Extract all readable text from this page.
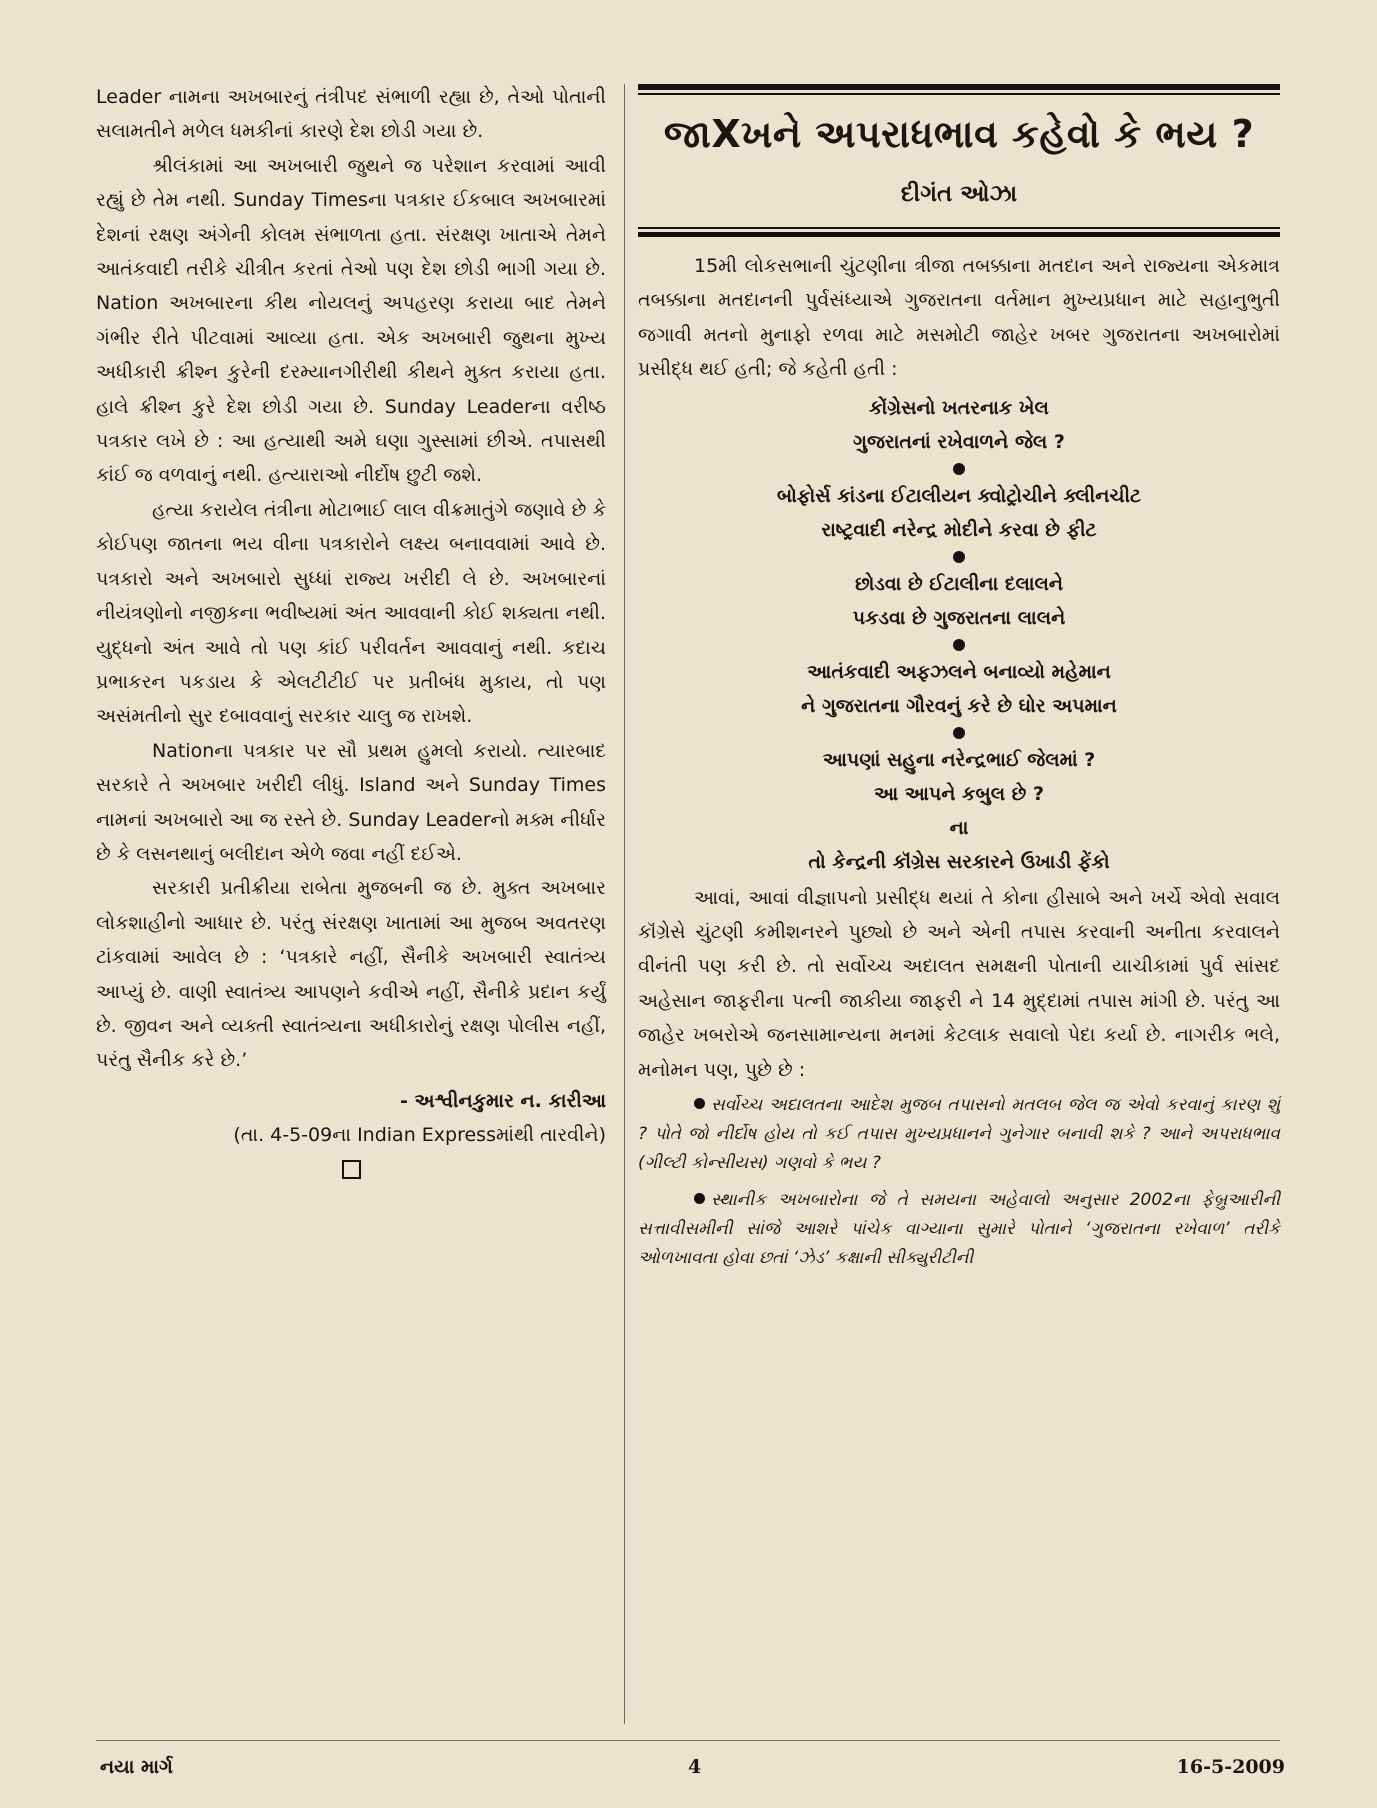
Leader નામના અખબારનું તંત્રીપદ સંભાળી રહ્યા છે, તેઓ પોતાની સલામતીને મળેલ ધમકીનાં કારણે દેશ છોડી ગયા છે.

શ્રીલંકામાં આ અખબારી જુથને જ પરેશાન કરવામાં આવી રહ્યું છે તેમ નથી. Sunday Timesના પત્રકાર ઈકબાલ અખબારમાં દેશનાં રક્ષણ અંગેની કોલમ સંભાળતા હતા. સંરક્ષણ ખાતાએ તેમને આતંકવાદી તરીકે ચીત્રીત કરતાં તેઓ પણ દેશ છોડી ભાગી ગયા છે. Nation અખબારના કીથ નોયલનું અપહરણ કરાયા બાદ તેમને ગંભીર રીતે પીટવામાં આવ્યા હતા. એક અખબારી જુથના મુખ્ય અધીકારી ક્રીશ્ન કુરેની દરમ્યાનગીરીથી કીથને મુક્ત કરાયા હતા. હાલે ક્રીશ્ન કુરે દેશ છોડી ગયા છે. Sunday Leaderના વરીષ્ઠ પત્રકાર લખે છે : આ હત્યાથી અમે ઘણા ગુસ્સામાં છીએ. તપાસથી કાંઈ જ વળવાનું નથી. હત્યારાઓ નીર્દોષ છુટી જશે.

હત્યા કરાયેલ તંત્રીના મોટાભાઈ લાલ વીક્રમાતુંગે જણાવે છે કે કોઈપણ જાતના ભય વીના પત્રકારોને લક્ષ્ય બનાવવામાં આવે છે. પત્રકારો અને અખબારો સુધ્ધાં રાજ્ય ખરીદી લે છે. અખબારનાં નીયંત્રણોનો નજીકના ભવીષ્યમાં અંત આવવાની કોઈ શક્યતા નથી. યુદ્ધનો અંત આવે તો પણ કાંઈ પરીવર્તન આવવાનું નથી. કદાચ પ્રભાકરન પકડાય કે એલટીટીઈ પર પ્રતીબંધ મુકાય, તો પણ અસંમતીનો સુર દબાવવાનું સરકાર ચાલુ જ રાખશે.

Nationના પત્રકાર પર સૌ પ્રથમ હુમલો કરાયો. ત્યારબાદ સરકારે તે અખબાર ખરીદી લીધું. Island અને Sunday Times નામનાં અખબારો આ જ રસ્તે છે. Sunday Leaderનો મક્મ નીર્ધાર છે કે લસનથાનું બલીદાન એળે જવા નહીં દઈએ.

સરકારી પ્રતીક્રીયા રાબેતા મુજબની જ છે. મુક્ત અખબાર લોકશાહીનો આધાર છે. પરંતુ સંરક્ષણ ખાતામાં આ મુજબ અવતરણ ટાંકવામાં આવેલ છે : ‘પત્રકારે નહીં, સૈનીકે અખબારી સ્વાતંત્ર્ય આપ્યું છે. વાણી સ્વાતંત્ર્ય આપણને કવીએ નહીં, સૈનીકે પ્રદાન કર્યું છે. જીવન અને વ્યક્તી સ્વાતંત્ર્યના અધીકારોનું રક્ષણ પોલીસ નહીં, પરંતુ સૈનીક કરે છે.’

- અશ્વીનકુમાર ન. કારીઆ

(તા. 4-5-09ના Indian Expressમાંથી તારવીને)

જાXખને અપરાધભાવ કહેવો કે ભય ?
દીગંત ઓઝા

15મી લોકસભાની ચુંટણીના ત્રીજા તબક્કાના મતદાન અને રાજ્યના એકમાત્ર તબક્કાના મતદાનની પુર્વસંધ્યાએ ગુજરાતના વર્તમાન મુખ્યપ્રધાન માટે સહાનુભુતી જગાવી મતનો મુનાફો રળવા માટે મસમોટી જાહેર ખબર ગુજરાતના અખબારોમાં પ્રસીદ્ધ થઈ હતી; જે કહેતી હતી :

કોંગ્રેસનો ખતરનાક ખેલ
ગુજરાતનાં રખેવાળને જેલ ?
બોફોર્સ કાંડના ઈટાલીયન ક્વોટ્રોચીને ક્લીનચીટ
રાષ્ટ્રવાદી નરેન્દ્ર મોદીને કરવા છે ફીટ
છોડવા છે ઈટાલીના દલાલને
પકડવા છે ગુજરાતના લાલને
આતંકવાદી અફઝલને બનાવ્યો મહેમાન
ને ગુજરાતના ગૌરવનું કરે છે ઘોર અપમાન
આપણાં સહુના નરેન્દ્રભાઈ જેલમાં ?
આ આપને કબુલ છે ?
ના
તો કેન્દ્રની કૉંગ્રેસ સરકારને ઉખાડી ફેંકો

આવાં, આવાં વીજ્ઞાપનો પ્રસીદ્ધ થયાં તે કોના હીસાબે અને ખર્ચે એવો સવાલ કૉંગ્રેસે ચુંટણી કમીશનરને પુછ્યો છે અને એની તપાસ કરવાની અનીતા કરવાલને વીનંતી પણ કરી છે. તો સર્વોચ્ચ અદાલત સમક્ષની પોતાની યાચીકામાં પુર્વ સાંસદ અહેસાન જાફરીના પત્ની જાકીયા જાફરી ને 14 મુદ્દામાં તપાસ માંગી છે. પરંતુ આ જાહેર ખબરોએ જનસામાન્યના મનમાં કેટલાક સવાલો પેદા કર્યા છે. નાગરીક ભલે, મનોમન પણ, પુછે છે :

સર્વોચ્ચ અદાલતના આદેશ મુજબ તપાસનો મતલબ જેલ જ એવો કરવાનું કારણ શું ? પોતે જો નીર્દોષ હોય તો કઈ તપાસ મુખ્યપ્રધાનને ગુનેગાર બનાવી શકે ? આને અપરાધભાવ (ગીલ્ટી કોન્સીયસ) ગણવો કે ભય ?

સ્થાનીક અખબારોના જે તે સમયના અહેવાલો અનુસાર 2002ના ફેબ્રુઆરીની સત્તાવીસમીની સાંજે આશરે પાંચેક વાગ્યાના સુમારે પોતાને ‘ગુજરાતના રખેવાળ’ તરીકે ઓળખાવતા હોવા છતાં ‘ઝેડ’ કક્ષાની સીક્યુરીટીની

નયા માર્ગ	4	16-5-2009
